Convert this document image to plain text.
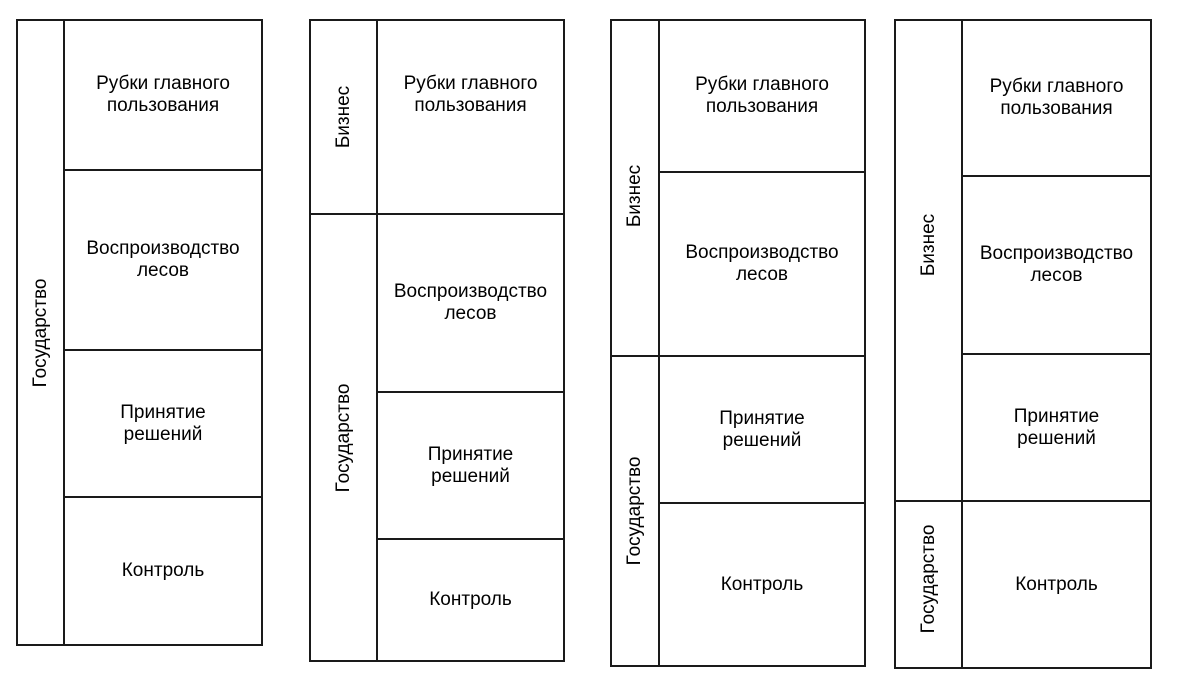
Государство
Рубки главного
пользования
Воспроизводство
лесов
Принятие
решений
Контроль
Бизнес
Государство
Рубки главного
пользования
Воспроизводство
лесов
Принятие
решений
Контроль
Бизнес
Государство
Рубки главного
пользования
Воспроизводство
лесов
Принятие
решений
Контроль
Бизнес
Государство
Рубки главного
пользования
Воспроизводство
лесов
Принятие
решений
Контроль
